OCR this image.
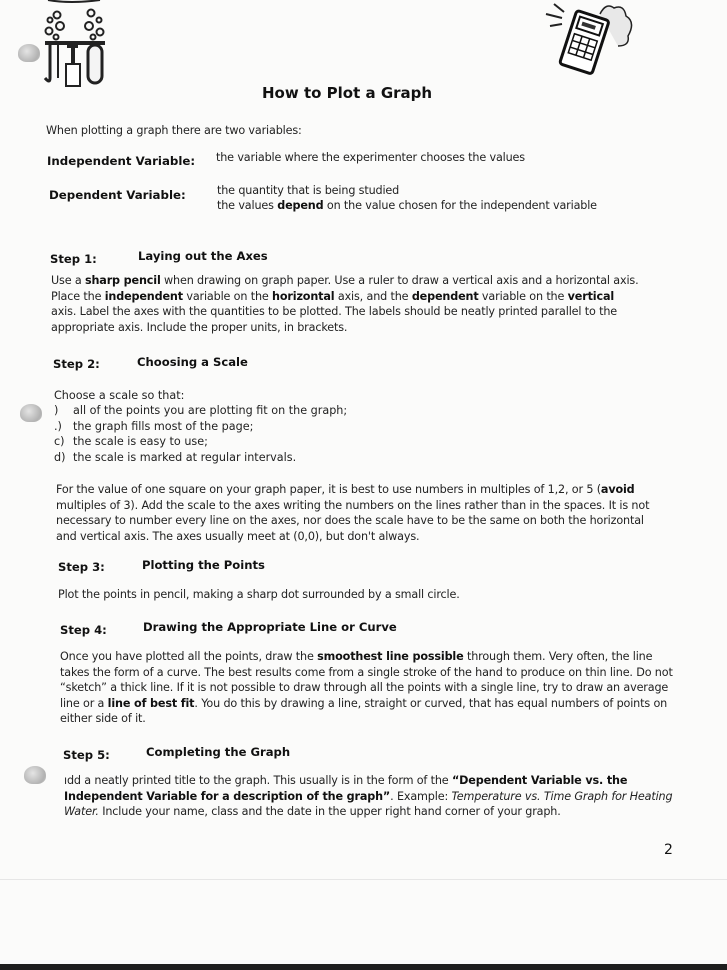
How to Plot a Graph
When plotting a graph there are two variables:
Independent Variable: the variable where the experimenter chooses the values
Dependent Variable:	the quantity that is being studied
the values depend on the value chosen for the independent variable
Step 1:	Laying out the Axes
Use a sharp pencil when drawing on graph paper. Use a ruler to draw a vertical axis and a horizontal axis. Place the independent variable on the horizontal axis, and the dependent variable on the vertical axis. Label the axes with the quantities to be plotted. The labels should be neatly printed parallel to the appropriate axis. Include the proper units, in brackets.
Step 2:	Choosing a Scale
Choose a scale so that:
) all of the points you are plotting fit on the graph;
.) the graph fills most of the page;
c) the scale is easy to use;
d) the scale is marked at regular intervals.
For the value of one square on your graph paper, it is best to use numbers in multiples of 1,2, or 5 (avoid multiples of 3). Add the scale to the axes writing the numbers on the lines rather than in the spaces. It is not necessary to number every line on the axes, nor does the scale have to be the same on both the horizontal and vertical axis. The axes usually meet at (0,0), but don't always.
Step 3:	Plotting the Points
Plot the points in pencil, making a sharp dot surrounded by a small circle.
Step 4:	Drawing the Appropriate Line or Curve
Once you have plotted all the points, draw the smoothest line possible through them. Very often, the line takes the form of a curve. The best results come from a single stroke of the hand to produce on thin line. Do not “sketch” a thick line. If it is not possible to draw through all the points with a single line, try to draw an average line or a line of best fit. You do this by drawing a line, straight or curved, that has equal numbers of points on either side of it.
Step 5:	Completing the Graph
ıdd a neatly printed title to the graph. This usually is in the form of the “Dependent Variable vs. the Independent Variable for a description of the graph”. Example: Temperature vs. Time Graph for Heating Water. Include your name, class and the date in the upper right hand corner of your graph.
2
